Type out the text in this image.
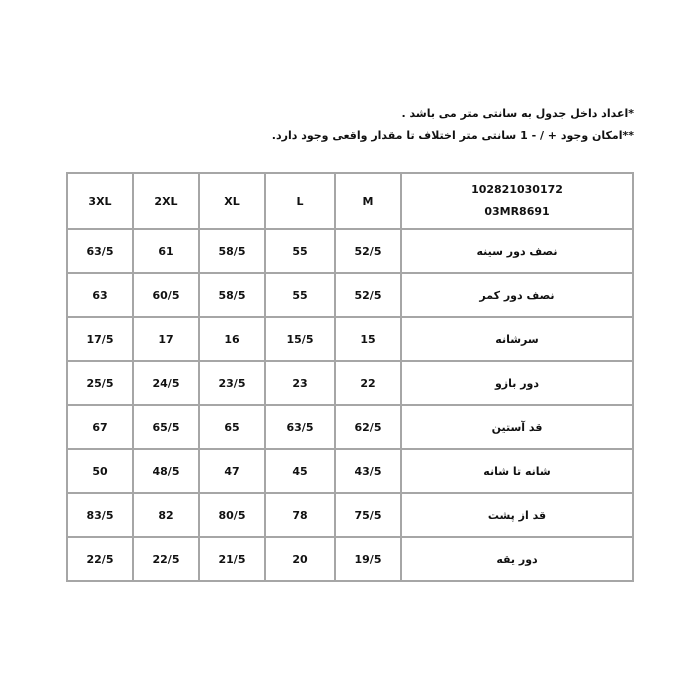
*اعداد داخل جدول به سانتی متر می باشد .
**امکان وجود + / - 1 سانتی متر اختلاف تا مقدار واقعی وجود دارد.
3XL	2XL	XL	L	M	102821030172
03MR8691

63/5	61	58/5	55	52/5	نصف دور سینه
63	60/5	58/5	55	52/5	نصف دور کمر
17/5	17	16	15/5	15	سرشانه
25/5	24/5	23/5	23	22	دور بازو
67	65/5	65	63/5	62/5	قد آستین
50	48/5	47	45	43/5	شانه تا شانه
83/5	82	80/5	78	75/5	قد از پشت
22/5	22/5	21/5	20	19/5	دور یقه
